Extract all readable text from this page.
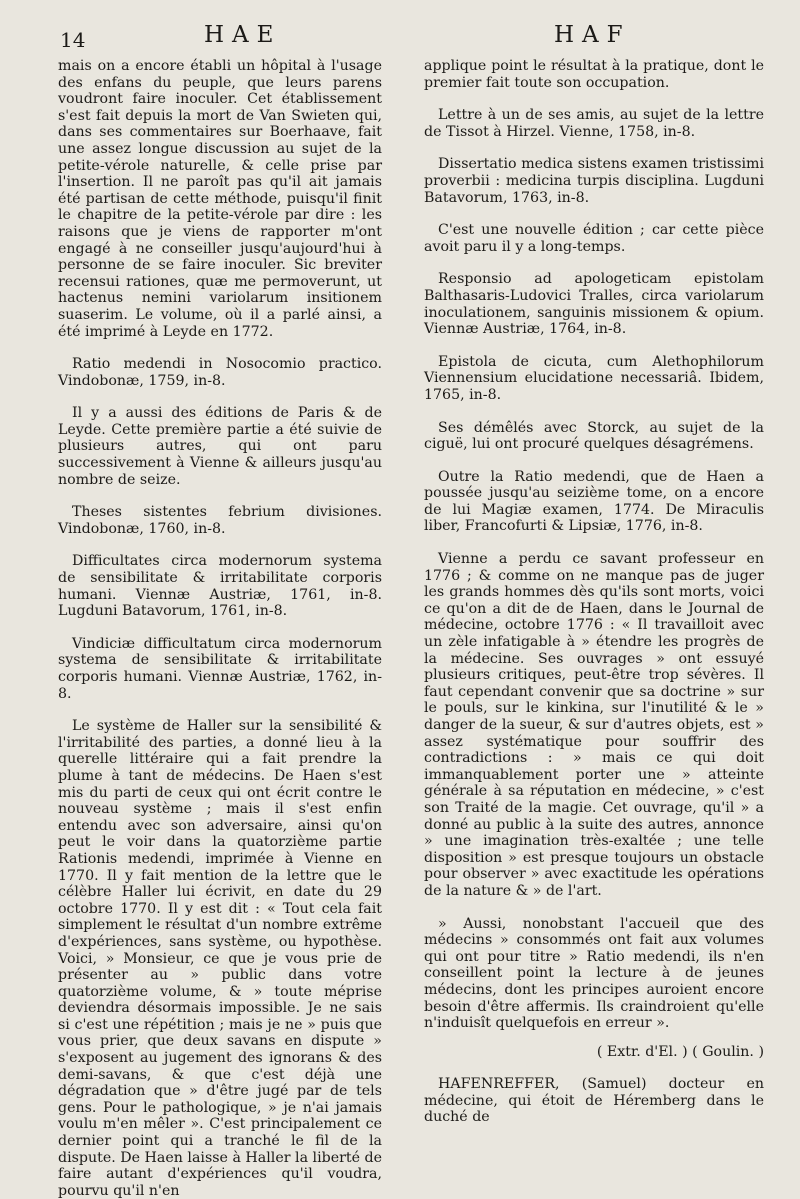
14	HAE	HAF

mais on a encore établi un hôpital à l'usage des enfans du peuple, que leurs parens voudront faire inoculer. Cet établissement s'est fait depuis la mort de Van Swieten qui, dans ses commentaires sur Boerhaave, fait une assez longue discussion au sujet de la petite-vérole naturelle, & celle prise par l'insertion. Il ne paroît pas qu'il ait jamais été partisan de cette méthode, puisqu'il finit le chapitre de la petite-vérole par dire : les raisons que je viens de rapporter m'ont engagé à ne conseiller jusqu'aujourd'hui à personne de se faire inoculer. Sic breviter recensui rationes, quæ me permoverunt, ut hactenus nemini variolarum insitionem suaserim. Le volume, où il a parlé ainsi, a été imprimé à Leyde en 1772.

Ratio medendi in Nosocomio practico. Vindobonæ, 1759, in-8.

Il y a aussi des éditions de Paris & de Leyde. Cette première partie a été suivie de plusieurs autres, qui ont paru successivement à Vienne & ailleurs jusqu'au nombre de seize.

Theses sistentes febrium divisiones. Vindobonæ, 1760, in-8.

Difficultates circa modernorum systema de sensibilitate & irritabilitate corporis humani. Viennæ Austriæ, 1761, in-8. Lugduni Batavorum, 1761, in-8.

Vindiciæ difficultatum circa modernorum systema de sensibilitate & irritabilitate corporis humani. Viennæ Austriæ, 1762, in-8.

Le système de Haller sur la sensibilité & l'irritabilité des parties, a donné lieu à la querelle littéraire qui a fait prendre la plume à tant de médecins. De Haen s'est mis du parti de ceux qui ont écrit contre le nouveau système ; mais il s'est enfin entendu avec son adversaire, ainsi qu'on peut le voir dans la quatorzième partie Rationis medendi, imprimée à Vienne en 1770. Il y fait mention de la lettre que le célèbre Haller lui écrivit, en date du 29 octobre 1770. Il y est dit : « Tout cela fait simplement le résultat d'un nombre extrême d'expériences, sans système, ou hypothèse. Voici, » Monsieur, ce que je vous prie de présenter au » public dans votre quatorzième volume, & » toute méprise deviendra désormais impossible. Je ne sais si c'est une répétition ; mais je ne » puis que vous prier, que deux savans en dispute » s'exposent au jugement des ignorans & des demi-savans, & que c'est déjà une dégradation que » d'être jugé par de tels gens. Pour le pathologique, » je n'ai jamais voulu m'en mêler ». C'est principalement ce dernier point qui a tranché le fil de la dispute. De Haen laisse à Haller la liberté de faire autant d'expériences qu'il voudra, pourvu qu'il n'en

applique point le résultat à la pratique, dont le premier fait toute son occupation.

Lettre à un de ses amis, au sujet de la lettre de Tissot à Hirzel. Vienne, 1758, in-8.

Dissertatio medica sistens examen tristissimi proverbii : medicina turpis disciplina. Lugduni Batavorum, 1763, in-8.

C'est une nouvelle édition ; car cette pièce avoit paru il y a long-temps.

Responsio ad apologeticam epistolam Balthasaris-Ludovici Tralles, circa variolarum inoculationem, sanguinis missionem & opium. Viennæ Austriæ, 1764, in-8.

Epistola de cicuta, cum Alethophilorum Viennensium elucidatione necessariâ. Ibidem, 1765, in-8.

Ses démêlés avec Storck, au sujet de la ciguë, lui ont procuré quelques désagrémens.

Outre la Ratio medendi, que de Haen a poussée jusqu'au seizième tome, on a encore de lui Magiæ examen, 1774. De Miraculis liber, Francofurti & Lipsiæ, 1776, in-8.

Vienne a perdu ce savant professeur en 1776 ; & comme on ne manque pas de juger les grands hommes dès qu'ils sont morts, voici ce qu'on a dit de de Haen, dans le Journal de médecine, octobre 1776 : « Il travailloit avec un zèle infatigable à » étendre les progrès de la médecine. Ses ouvrages » ont essuyé plusieurs critiques, peut-être trop sévères. Il faut cependant convenir que sa doctrine » sur le pouls, sur le kinkina, sur l'inutilité & le » danger de la sueur, & sur d'autres objets, est » assez systématique pour souffrir des contradictions : » mais ce qui doit immanquablement porter une » atteinte générale à sa réputation en médecine, » c'est son Traité de la magie. Cet ouvrage, qu'il » a donné au public à la suite des autres, annonce » une imagination très-exaltée ; une telle disposition » est presque toujours un obstacle pour observer » avec exactitude les opérations de la nature & » de l'art.

» Aussi, nonobstant l'accueil que des médecins » consommés ont fait aux volumes qui ont pour titre » Ratio medendi, ils n'en conseillent point la lecture à de jeunes médecins, dont les principes auroient encore besoin d'être affermis. Ils craindroient qu'elle n'induisît quelquefois en erreur ».

( Extr. d'El. ) ( Goulin. )

HAFENREFFER, (Samuel) docteur en médecine, qui étoit de Héremberg dans le duché de
